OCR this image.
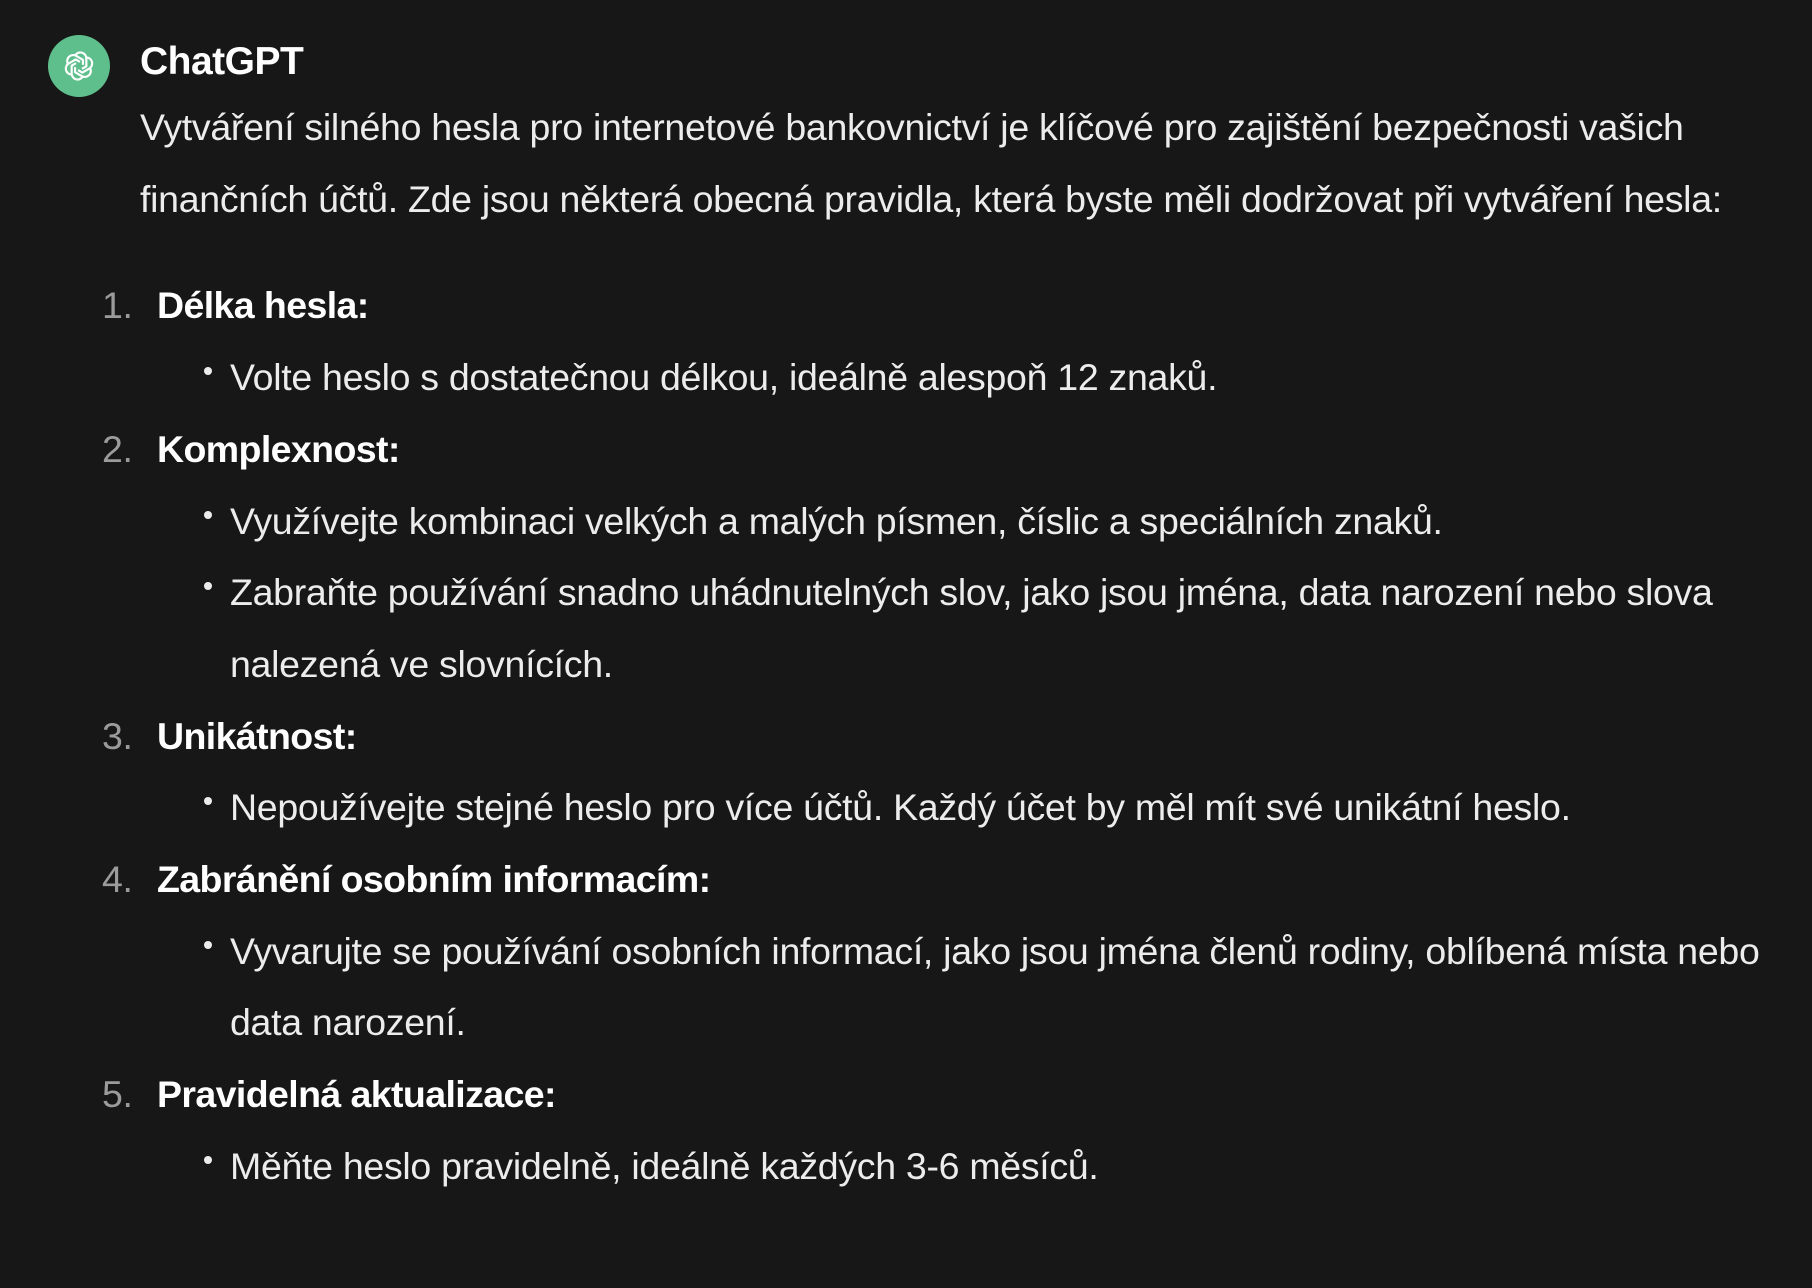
ChatGPT

Vytváření silného hesla pro internetové bankovnictví je klíčové pro zajištění bezpečnosti vašich finančních účtů. Zde jsou některá obecná pravidla, která byste měli dodržovat při vytváření hesla:

1. Délka hesla:
Volte heslo s dostatečnou délkou, ideálně alespoň 12 znaků.
2. Komplexnost:
Využívejte kombinaci velkých a malých písmen, číslic a speciálních znaků.
Zabraňte používání snadno uhádnutelných slov, jako jsou jména, data narození nebo slova nalezená ve slovnících.
3. Unikátnost:
Nepoužívejte stejné heslo pro více účtů. Každý účet by měl mít své unikátní heslo.
4. Zabránění osobním informacím:
Vyvarujte se používání osobních informací, jako jsou jména členů rodiny, oblíbená místa nebo data narození.
5. Pravidelná aktualizace:
Měňte heslo pravidelně, ideálně každých 3-6 měsíců.
